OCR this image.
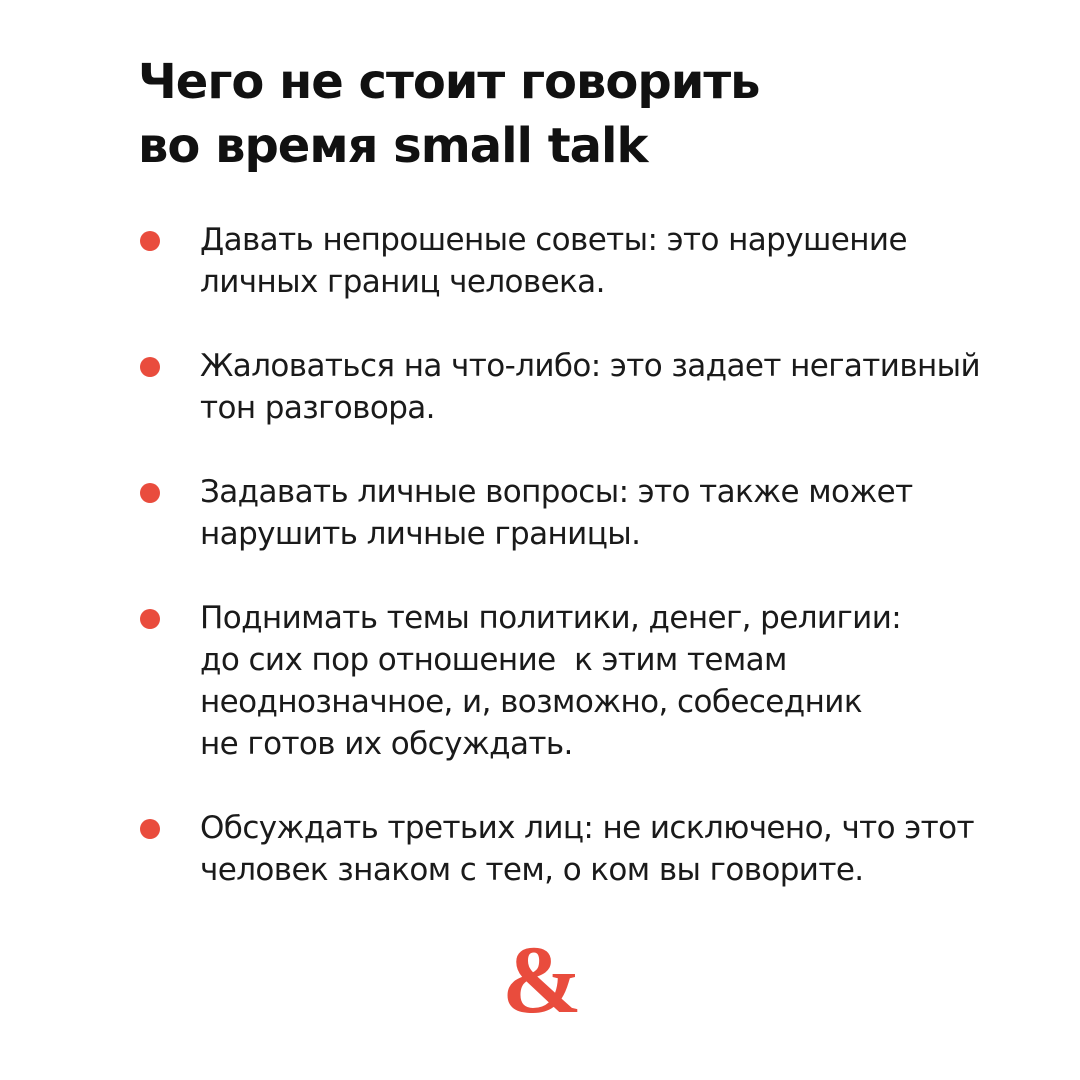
Чего не стоит говорить
во время small talk
Давать непрошеные советы: это нарушение
личных границ человека.
Жаловаться на что-либо: это задает негативный
тон разговора.
Задавать личные вопросы: это также может
нарушить личные границы.
Поднимать темы политики, денег, религии:
до сих пор отношение  к этим темам
неоднозначное, и, возможно, собеседник
не готов их обсуждать.
Обсуждать третьих лиц: не исключено, что этот
человек знаком с тем, о ком вы говорите.
&
